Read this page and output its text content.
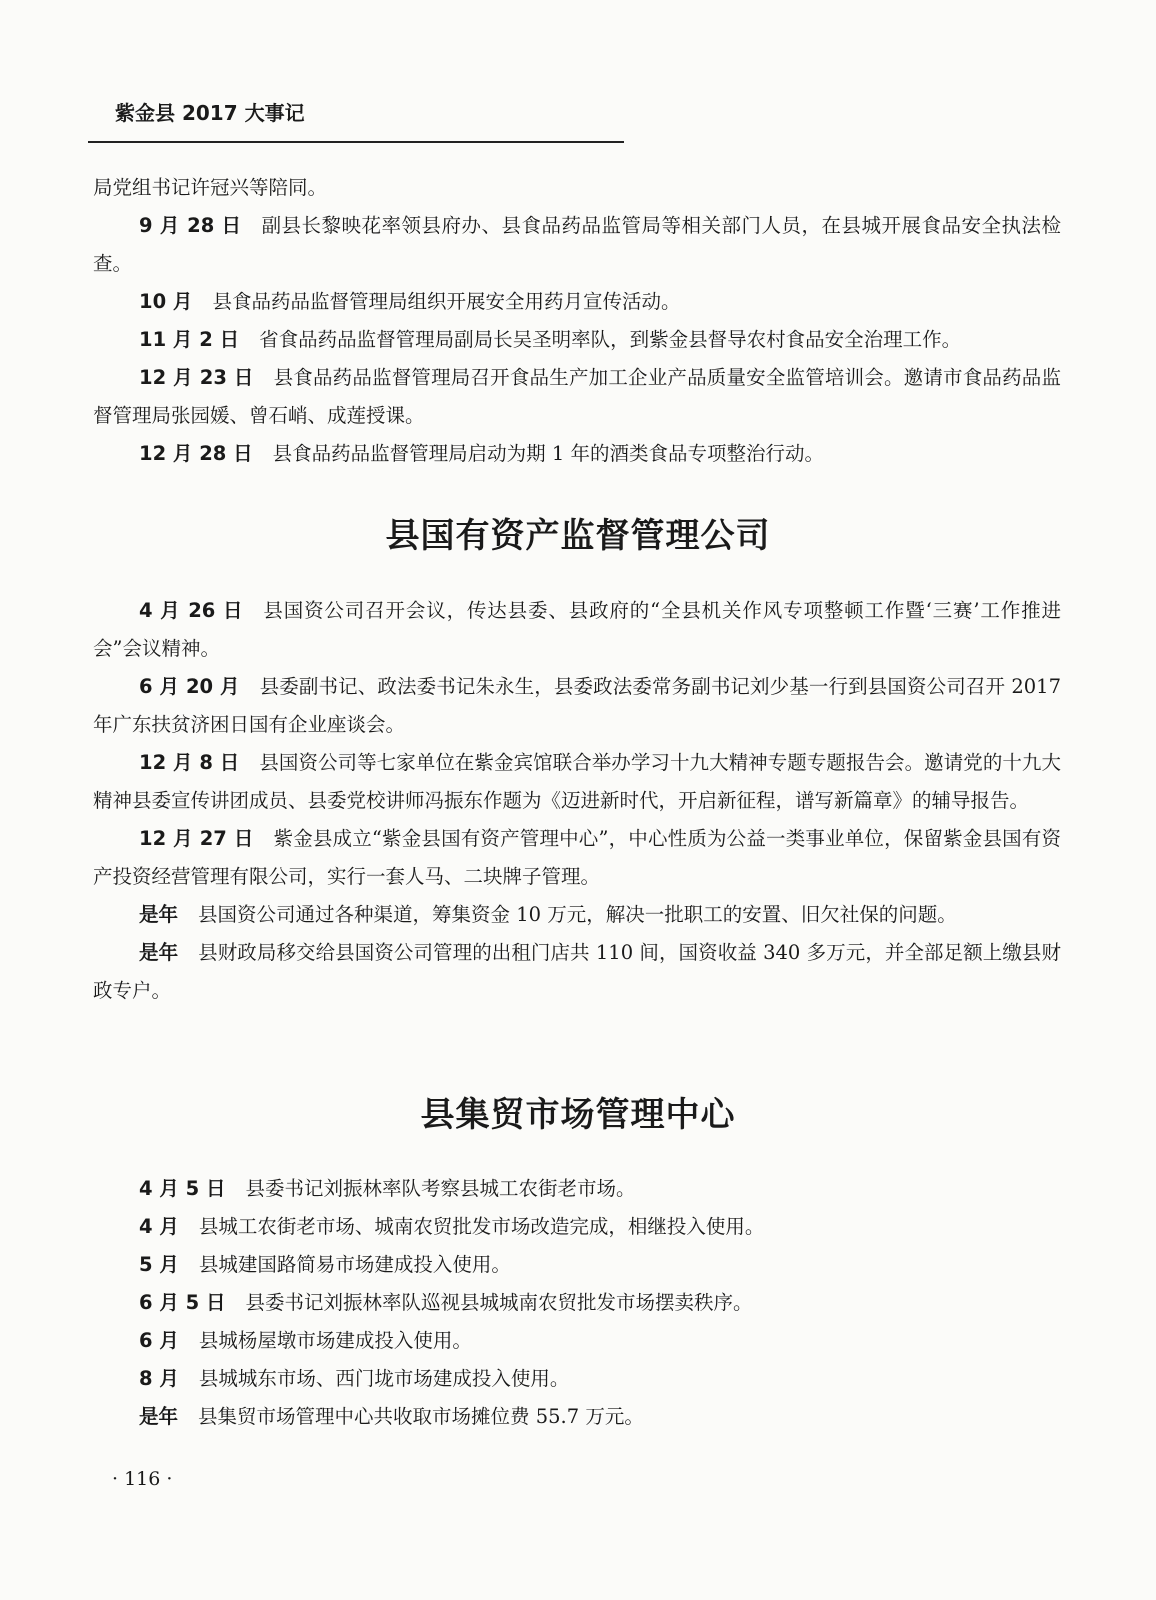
紫金县 2017 大事记

局党组书记许冠兴等陪同。

9 月 28 日 副县长黎映花率领县府办、县食品药品监管局等相关部门人员，在县城开展食品安全执法检查。

10 月 县食品药品监督管理局组织开展安全用药月宣传活动。

11 月 2 日 省食品药品监督管理局副局长吴圣明率队，到紫金县督导农村食品安全治理工作。

12 月 23 日 县食品药品监督管理局召开食品生产加工企业产品质量安全监管培训会。邀请市食品药品监督管理局张园媛、曾石峭、成莲授课。

12 月 28 日 县食品药品监督管理局启动为期 1 年的酒类食品专项整治行动。

县国有资产监督管理公司

4 月 26 日 县国资公司召开会议，传达县委、县政府的“全县机关作风专项整顿工作暨‘三赛’工作推进会”会议精神。

6 月 20 月 县委副书记、政法委书记朱永生，县委政法委常务副书记刘少基一行到县国资公司召开 2017 年广东扶贫济困日国有企业座谈会。

12 月 8 日 县国资公司等七家单位在紫金宾馆联合举办学习十九大精神专题专题报告会。邀请党的十九大精神县委宣传讲团成员、县委党校讲师冯振东作题为《迈进新时代，开启新征程，谱写新篇章》的辅导报告。

12 月 27 日 紫金县成立“紫金县国有资产管理中心”，中心性质为公益一类事业单位，保留紫金县国有资产投资经营管理有限公司，实行一套人马、二块牌子管理。

是年 县国资公司通过各种渠道，筹集资金 10 万元，解决一批职工的安置、旧欠社保的问题。

是年 县财政局移交给县国资公司管理的出租门店共 110 间，国资收益 340 多万元，并全部足额上缴县财政专户。

县集贸市场管理中心

4 月 5 日 县委书记刘振林率队考察县城工农街老市场。

4 月 县城工农街老市场、城南农贸批发市场改造完成，相继投入使用。

5 月 县城建国路简易市场建成投入使用。

6 月 5 日 县委书记刘振林率队巡视县城城南农贸批发市场摆卖秩序。

6 月 县城杨屋墩市场建成投入使用。

8 月 县城城东市场、西门垅市场建成投入使用。

是年 县集贸市场管理中心共收取市场摊位费 55.7 万元。

· 116 ·
